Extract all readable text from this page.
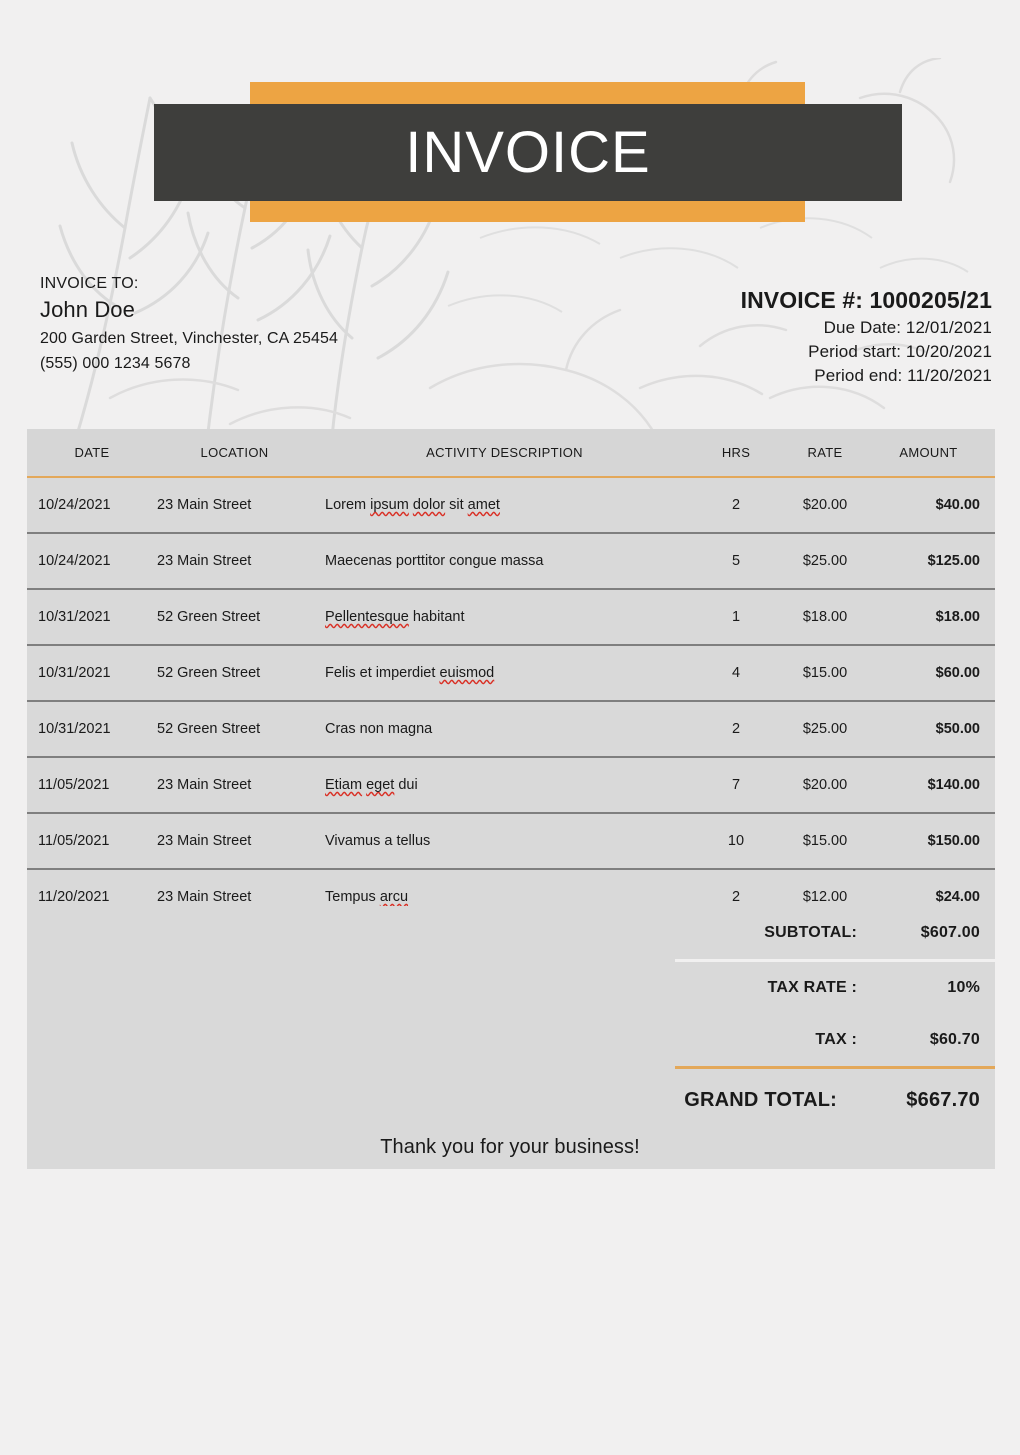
INVOICE
INVOICE TO:
John Doe
200 Garden Street, Vinchester, CA 25454
(555) 000 1234 5678
INVOICE #: 1000205/21
Due Date: 12/01/2021
Period start: 10/20/2021
Period end: 11/20/2021
DATE	LOCATION	ACTIVITY DESCRIPTION	HRS	RATE	AMOUNT
10/24/2021	23 Main Street	Lorem ipsum dolor sit amet	2	$20.00	$40.00
10/24/2021	23 Main Street	Maecenas porttitor congue massa	5	$25.00	$125.00
10/31/2021	52 Green Street	Pellentesque habitant	1	$18.00	$18.00
10/31/2021	52 Green Street	Felis et imperdiet euismod	4	$15.00	$60.00
10/31/2021	52 Green Street	Cras non magna	2	$25.00	$50.00
11/05/2021	23 Main Street	Etiam eget dui	7	$20.00	$140.00
11/05/2021	23 Main Street	Vivamus a tellus	10	$15.00	$150.00
11/20/2021	23 Main Street	Tempus arcu	2	$12.00	$24.00
SUBTOTAL:	$607.00
TAX RATE :	10%
TAX :	$60.70
GRAND TOTAL:	$667.70
Thank you for your business!
